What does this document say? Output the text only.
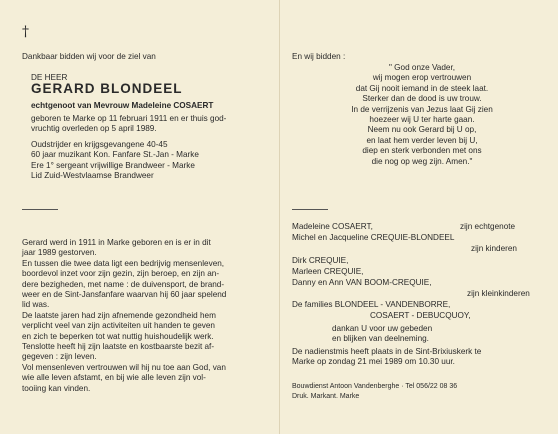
†
Dankbaar bidden wij voor de ziel van
DE HEER
GERARD BLONDEEL
echtgenoot van Mevrouw Madeleine COSAERT
geboren te Marke op 11 februari 1911 en er thuis god-
vruchtig overleden op 5 april 1989.
Oudstrijder en krijgsgevangene 40-45
60 jaar muzikant Kon. Fanfare St.-Jan - Marke
Ere 1° sergeant vrijwillige Brandweer - Marke
Lid Zuid-Westvlaamse Brandweer
Gerard werd in 1911 in Marke geboren en is er in dit
jaar 1989 gestorven.
En tussen die twee data ligt een bedrijvig mensenleven,
boordevol inzet voor zijn gezin, zijn beroep, en zijn an-
dere bezigheden, met name : de duivensport, de brand-
weer en de Sint-Jansfanfare waarvan hij 60 jaar spelend
lid was.
De laatste jaren had zijn afnemende gezondheid hem
verplicht veel van zijn activiteiten uit handen te geven
en zich te beperken tot wat nuttig huishoudelijk werk.
Tenslotte heeft hij zijn laatste en kostbaarste bezit af-
gegeven : zijn leven.
Vol mensenleven vertrouwen wil hij nu toe aan God, van
wie alle leven afstamt, en bij wie alle leven zijn vol-
tooiing kan vinden.
En wij bidden :
" God onze Vader,
wij mogen erop vertrouwen
dat Gij nooit iemand in de steek laat.
Sterker dan de dood is uw trouw.
In de verrijzenis van Jezus laat Gij zien
hoezeer wij U ter harte gaan.
Neem nu ook Gerard bij U op,
en laat hem verder leven bij U,
diep en sterk verbonden met ons
die nog op weg zijn. Amen."
Madeleine COSAERT,	zijn echtgenote
Michel en Jacqueline CREQUIE-BLONDEEL
zijn kinderen
Dirk CREQUIE,
Marleen CREQUIE,
Danny en Ann VAN BOOM-CREQUIE,
zijn kleinkinderen
De families BLONDEEL - VANDENBORRE,
COSAERT - DEBUCQUOY,
dankan U voor uw gebeden
en blijken van deelneming.
De nadienstmis heeft plaats in de Sint-Brixiuskerk te
Marke op zondag 21 mei 1989 om 10.30 uur.
Bouwdienst Antoon Vandenberghe · Tel 056/22 08 36
Druk. Markant. Marke
